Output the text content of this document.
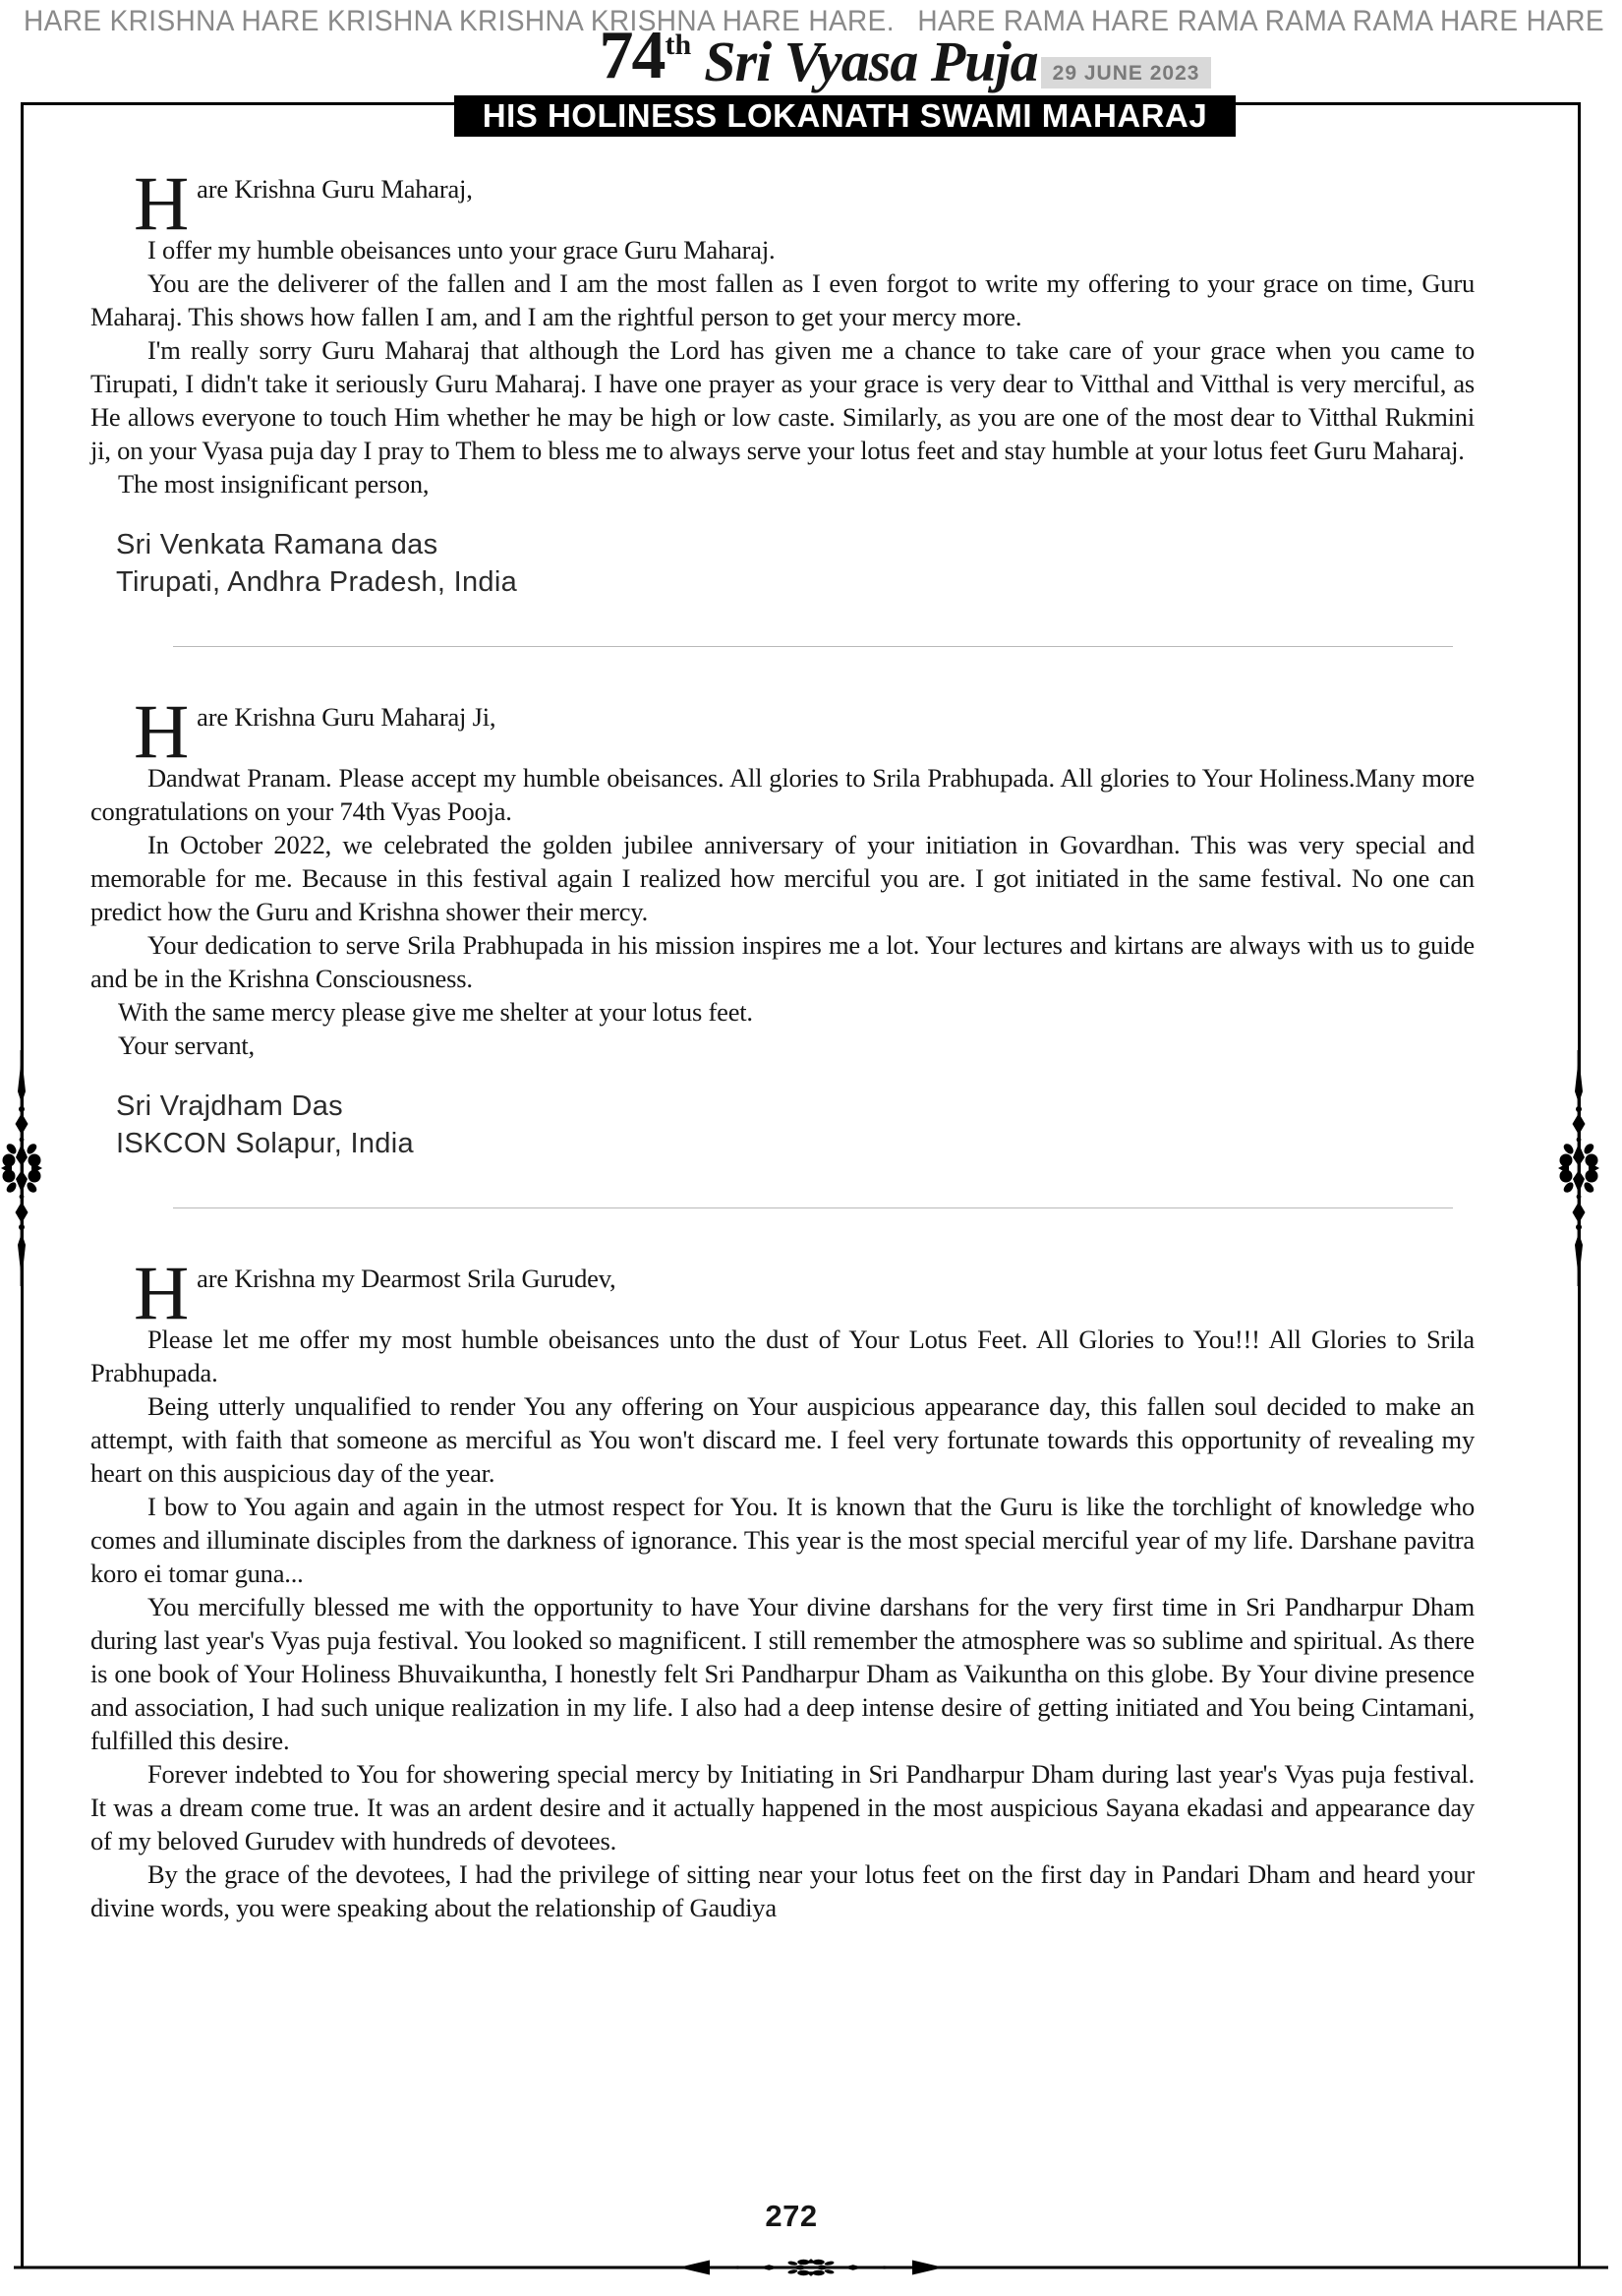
HARE KRISHNA HARE KRISHNA KRISHNA KRISHNA HARE HARE. HARE RAMA HARE RAMA RAMA RAMA HARE HARE
74 th Sri Vyasa Puja 29 JUNE 2023
HIS HOLINESS LOKANATH SWAMI MAHARAJ
Hare Krishna Guru Maharaj,

I offer my humble obeisances unto your grace Guru Maharaj.

You are the deliverer of the fallen and I am the most fallen as I even forgot to write my offering to your grace on time, Guru Maharaj. This shows how fallen I am, and I am the rightful person to get your mercy more.

I'm really sorry Guru Maharaj that although the Lord has given me a chance to take care of your grace when you came to Tirupati, I didn't take it seriously Guru Maharaj. I have one prayer as your grace is very dear to Vitthal and Vitthal is very merciful, as He allows everyone to touch Him whether he may be high or low caste. Similarly, as you are one of the most dear to Vitthal Rukmini ji, on your Vyasa puja day I pray to Them to bless me to always serve your lotus feet and stay humble at your lotus feet Guru Maharaj.

The most insignificant person,

Sri Venkata Ramana das
Tirupati, Andhra Pradesh, India
Hare Krishna Guru Maharaj Ji,

Dandwat Pranam. Please accept my humble obeisances. All glories to Srila Prabhupada. All glories to Your Holiness.Many more congratulations on your 74th Vyas Pooja.

In October 2022, we celebrated the golden jubilee anniversary of your initiation in Govardhan. This was very special and memorable for me. Because in this festival again I realized how merciful you are. I got initiated in the same festival. No one can predict how the Guru and Krishna shower their mercy.

Your dedication to serve Srila Prabhupada in his mission inspires me a lot. Your lectures and kirtans are always with us to guide and be in the Krishna Consciousness.

With the same mercy please give me shelter at your lotus feet.

Your servant,

Sri Vrajdham Das
ISKCON Solapur, India
Hare Krishna my Dearmost Srila Gurudev,

Please let me offer my most humble obeisances unto the dust of Your Lotus Feet. All Glories to You!!! All Glories to Srila Prabhupada.

Being utterly unqualified to render You any offering on Your auspicious appearance day, this fallen soul decided to make an attempt, with faith that someone as merciful as You won't discard me. I feel very fortunate towards this opportunity of revealing my heart on this auspicious day of the year.

I bow to You again and again in the utmost respect for You. It is known that the Guru is like the torchlight of knowledge who comes and illuminate disciples from the darkness of ignorance. This year is the most special merciful year of my life. Darshane pavitra koro ei tomar guna...

You mercifully blessed me with the opportunity to have Your divine darshans for the very first time in Sri Pandharpur Dham during last year's Vyas puja festival. You looked so magnificent. I still remember the atmosphere was so sublime and spiritual. As there is one book of Your Holiness Bhuvaikuntha, I honestly felt Sri Pandharpur Dham as Vaikuntha on this globe. By Your divine presence and association, I had such unique realization in my life. I also had a deep intense desire of getting initiated and You being Cintamani, fulfilled this desire.

Forever indebted to You for showering special mercy by Initiating in Sri Pandharpur Dham during last year's Vyas puja festival. It was a dream come true. It was an ardent desire and it actually happened in the most auspicious Sayana ekadasi and appearance day of my beloved Gurudev with hundreds of devotees.

By the grace of the devotees, I had the privilege of sitting near your lotus feet on the first day in Pandari Dham and heard your divine words, you were speaking about the relationship of Gaudiya

272
